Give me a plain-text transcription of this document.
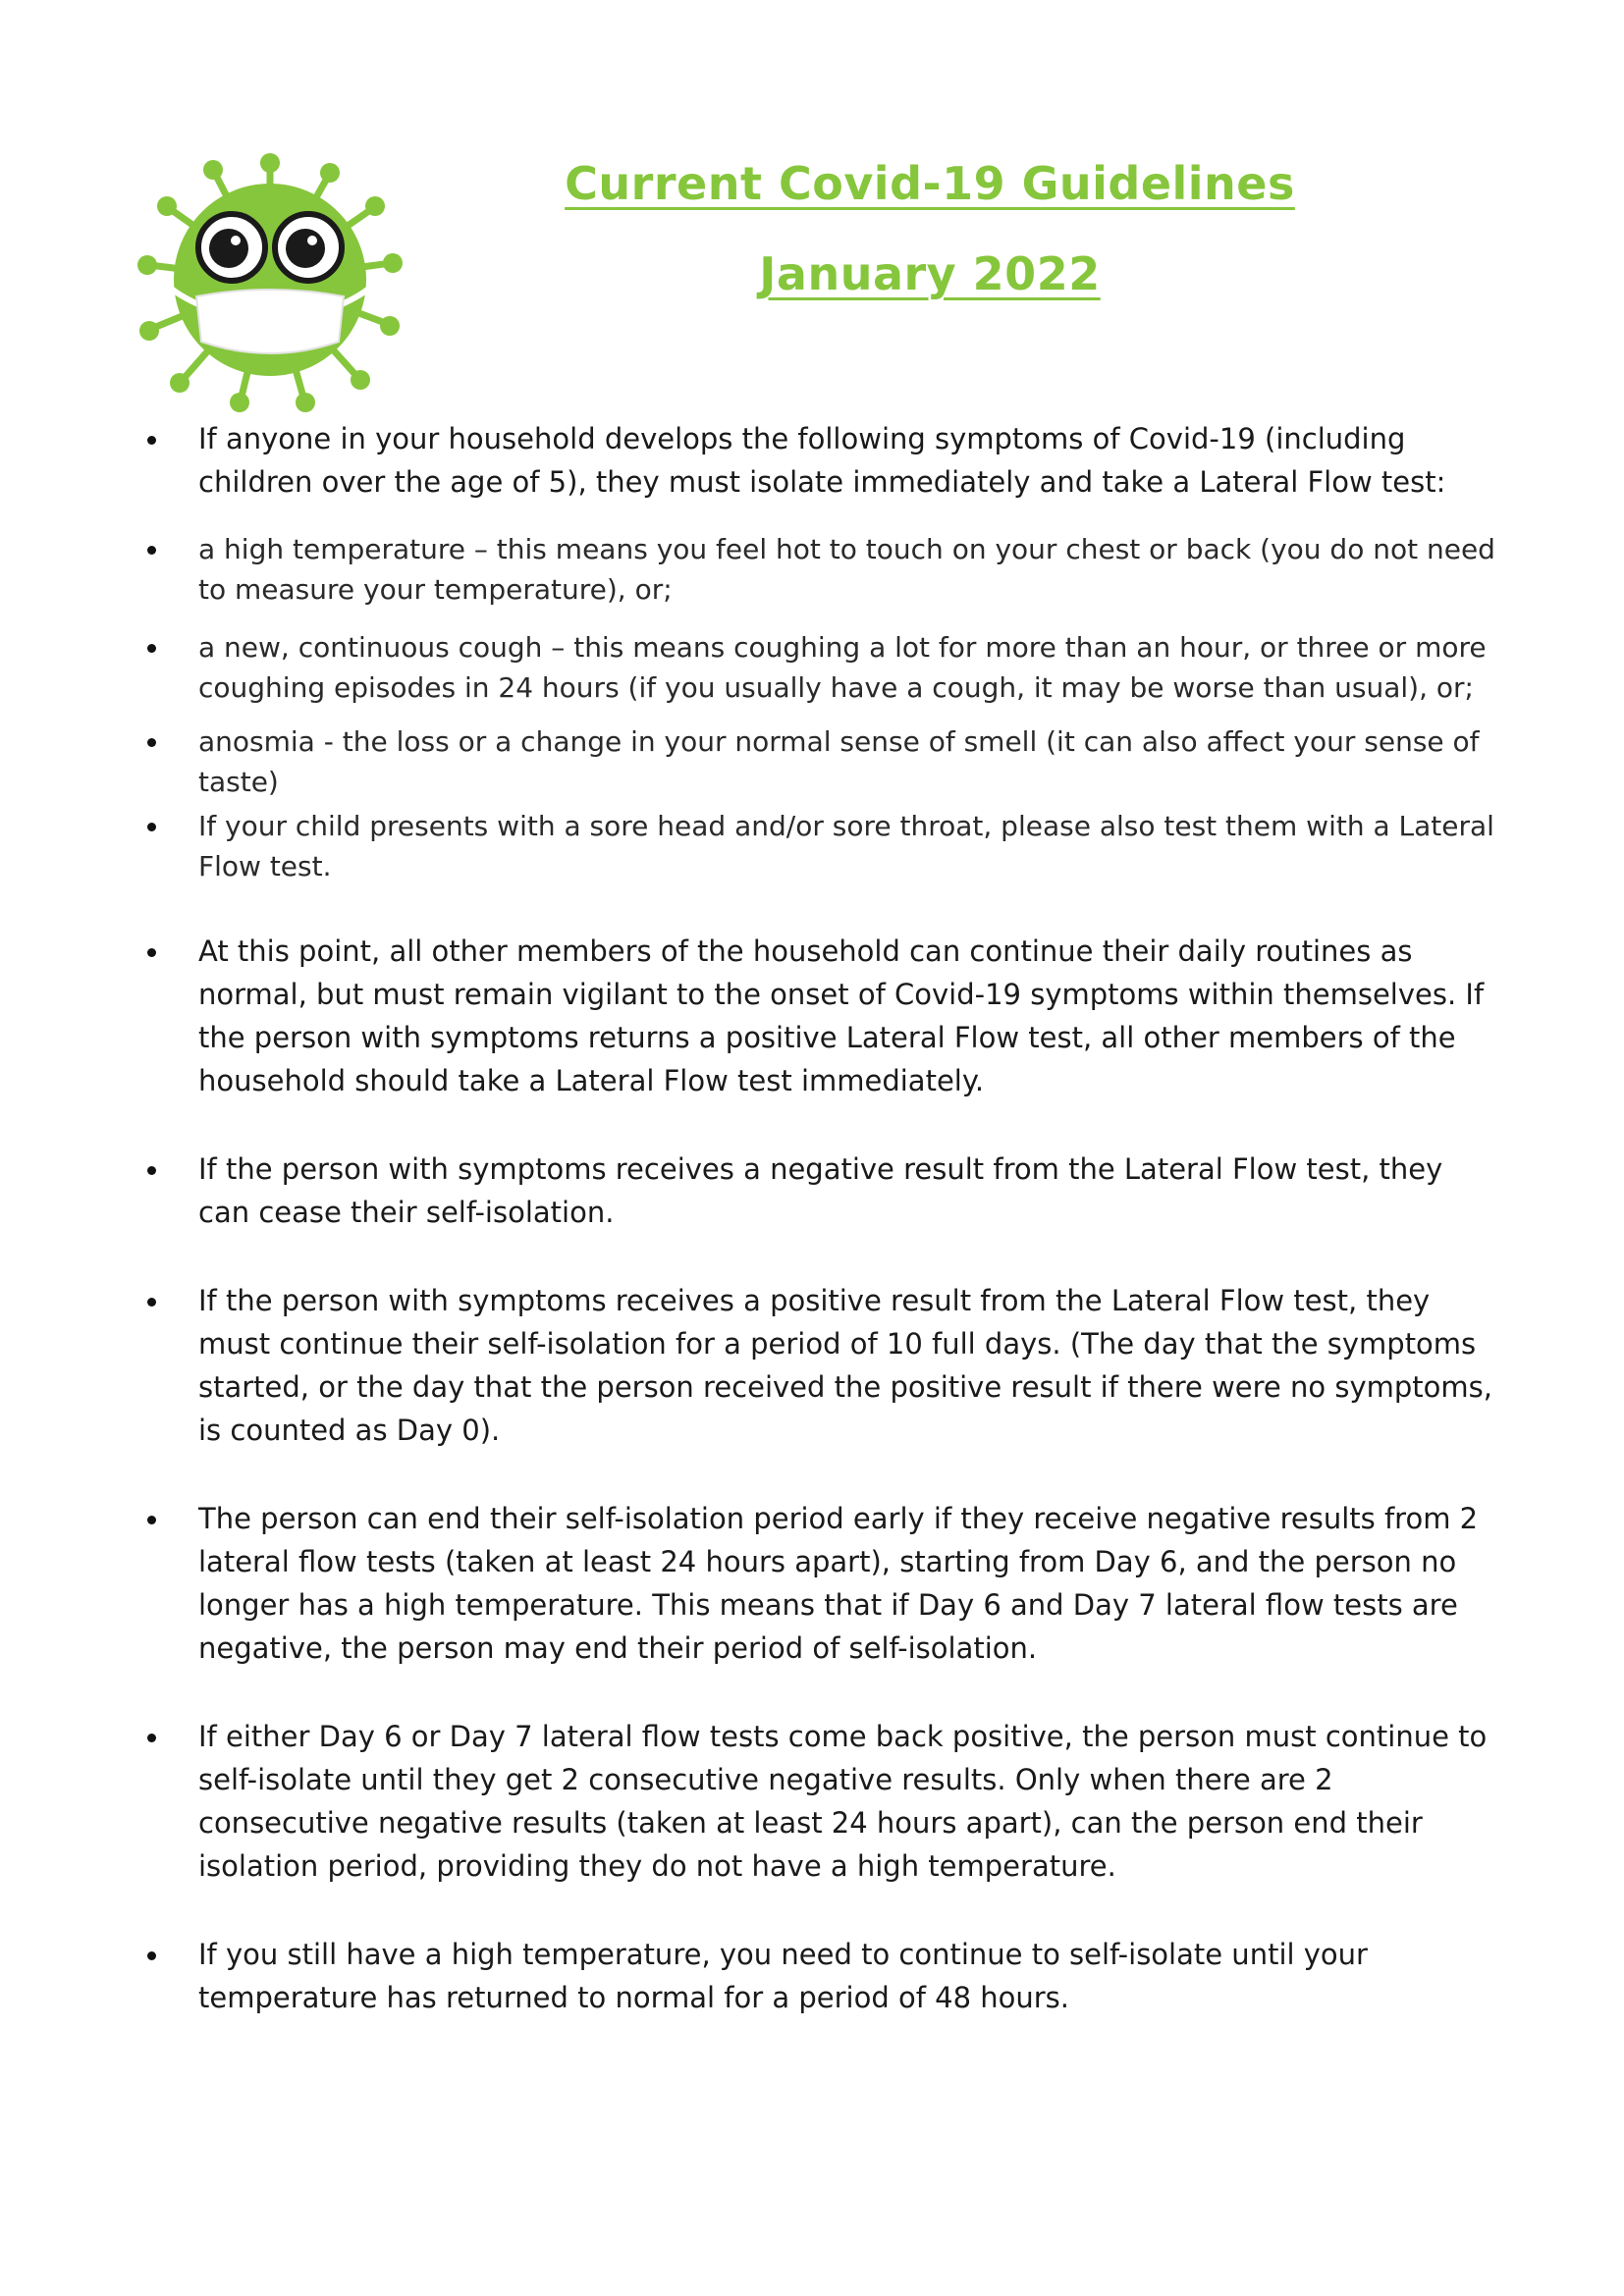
Current Covid-19 Guidelines
January 2022
If anyone in your household develops the following symptoms of Covid-19 (including children over the age of 5), they must isolate immediately and take a Lateral Flow test:
a high temperature – this means you feel hot to touch on your chest or back (you do not need to measure your temperature), or;
a new, continuous cough – this means coughing a lot for more than an hour, or three or more coughing episodes in 24 hours (if you usually have a cough, it may be worse than usual), or;
anosmia - the loss or a change in your normal sense of smell (it can also affect your sense of taste)
If your child presents with a sore head and/or sore throat, please also test them with a Lateral Flow test.
At this point, all other members of the household can continue their daily routines as normal, but must remain vigilant to the onset of Covid-19 symptoms within themselves. If the person with symptoms returns a positive Lateral Flow test, all other members of the household should take a Lateral Flow test immediately.
If the person with symptoms receives a negative result from the Lateral Flow test, they can cease their self-isolation.
If the person with symptoms receives a positive result from the Lateral Flow test, they must continue their self-isolation for a period of 10 full days. (The day that the symptoms started, or the day that the person received the positive result if there were no symptoms, is counted as Day 0).
The person can end their self-isolation period early if they receive negative results from 2 lateral flow tests (taken at least 24 hours apart), starting from Day 6, and the person no longer has a high temperature. This means that if Day 6 and Day 7 lateral flow tests are negative, the person may end their period of self-isolation.
If either Day 6 or Day 7 lateral flow tests come back positive, the person must continue to self-isolate until they get 2 consecutive negative results. Only when there are 2 consecutive negative results (taken at least 24 hours apart), can the person end their isolation period, providing they do not have a high temperature.
If you still have a high temperature, you need to continue to self-isolate until your temperature has returned to normal for a period of 48 hours.
